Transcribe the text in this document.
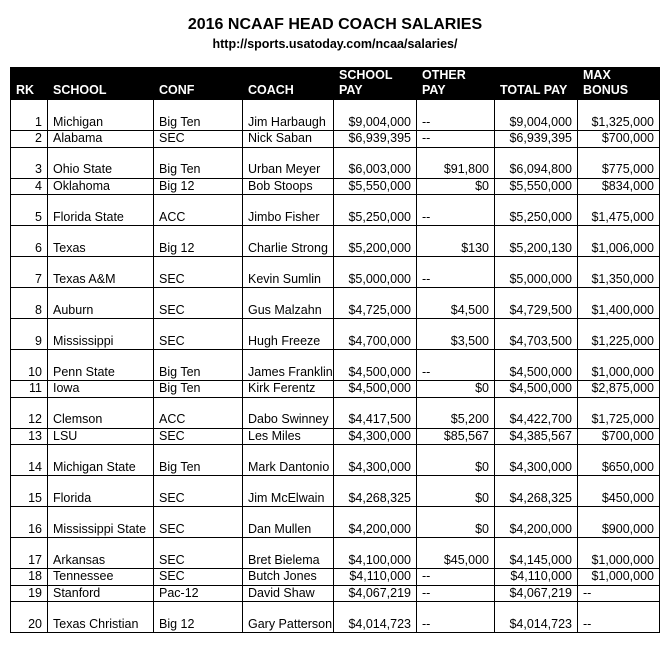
2016 NCAAF HEAD COACH SALARIES
http://sports.usatoday.com/ncaa/salaries/
RK	SCHOOL	CONF	COACH	SCHOOL PAY	OTHER PAY	TOTAL PAY	MAX BONUS
1	Michigan	Big Ten	Jim Harbaugh	$9,004,000	--	$9,004,000	$1,325,000
2	Alabama	SEC	Nick Saban	$6,939,395	--	$6,939,395	$700,000
3	Ohio State	Big Ten	Urban Meyer	$6,003,000	$91,800	$6,094,800	$775,000
4	Oklahoma	Big 12	Bob Stoops	$5,550,000	$0	$5,550,000	$834,000
5	Florida State	ACC	Jimbo Fisher	$5,250,000	--	$5,250,000	$1,475,000
6	Texas	Big 12	Charlie Strong	$5,200,000	$130	$5,200,130	$1,006,000
7	Texas A&M	SEC	Kevin Sumlin	$5,000,000	--	$5,000,000	$1,350,000
8	Auburn	SEC	Gus Malzahn	$4,725,000	$4,500	$4,729,500	$1,400,000
9	Mississippi	SEC	Hugh Freeze	$4,700,000	$3,500	$4,703,500	$1,225,000
10	Penn State	Big Ten	James Franklin	$4,500,000	--	$4,500,000	$1,000,000
11	Iowa	Big Ten	Kirk Ferentz	$4,500,000	$0	$4,500,000	$2,875,000
12	Clemson	ACC	Dabo Swinney	$4,417,500	$5,200	$4,422,700	$1,725,000
13	LSU	SEC	Les Miles	$4,300,000	$85,567	$4,385,567	$700,000
14	Michigan State	Big Ten	Mark Dantonio	$4,300,000	$0	$4,300,000	$650,000
15	Florida	SEC	Jim McElwain	$4,268,325	$0	$4,268,325	$450,000
16	Mississippi State	SEC	Dan Mullen	$4,200,000	$0	$4,200,000	$900,000
17	Arkansas	SEC	Bret Bielema	$4,100,000	$45,000	$4,145,000	$1,000,000
18	Tennessee	SEC	Butch Jones	$4,110,000	--	$4,110,000	$1,000,000
19	Stanford	Pac-12	David Shaw	$4,067,219	--	$4,067,219	--
20	Texas Christian	Big 12	Gary Patterson	$4,014,723	--	$4,014,723	--
